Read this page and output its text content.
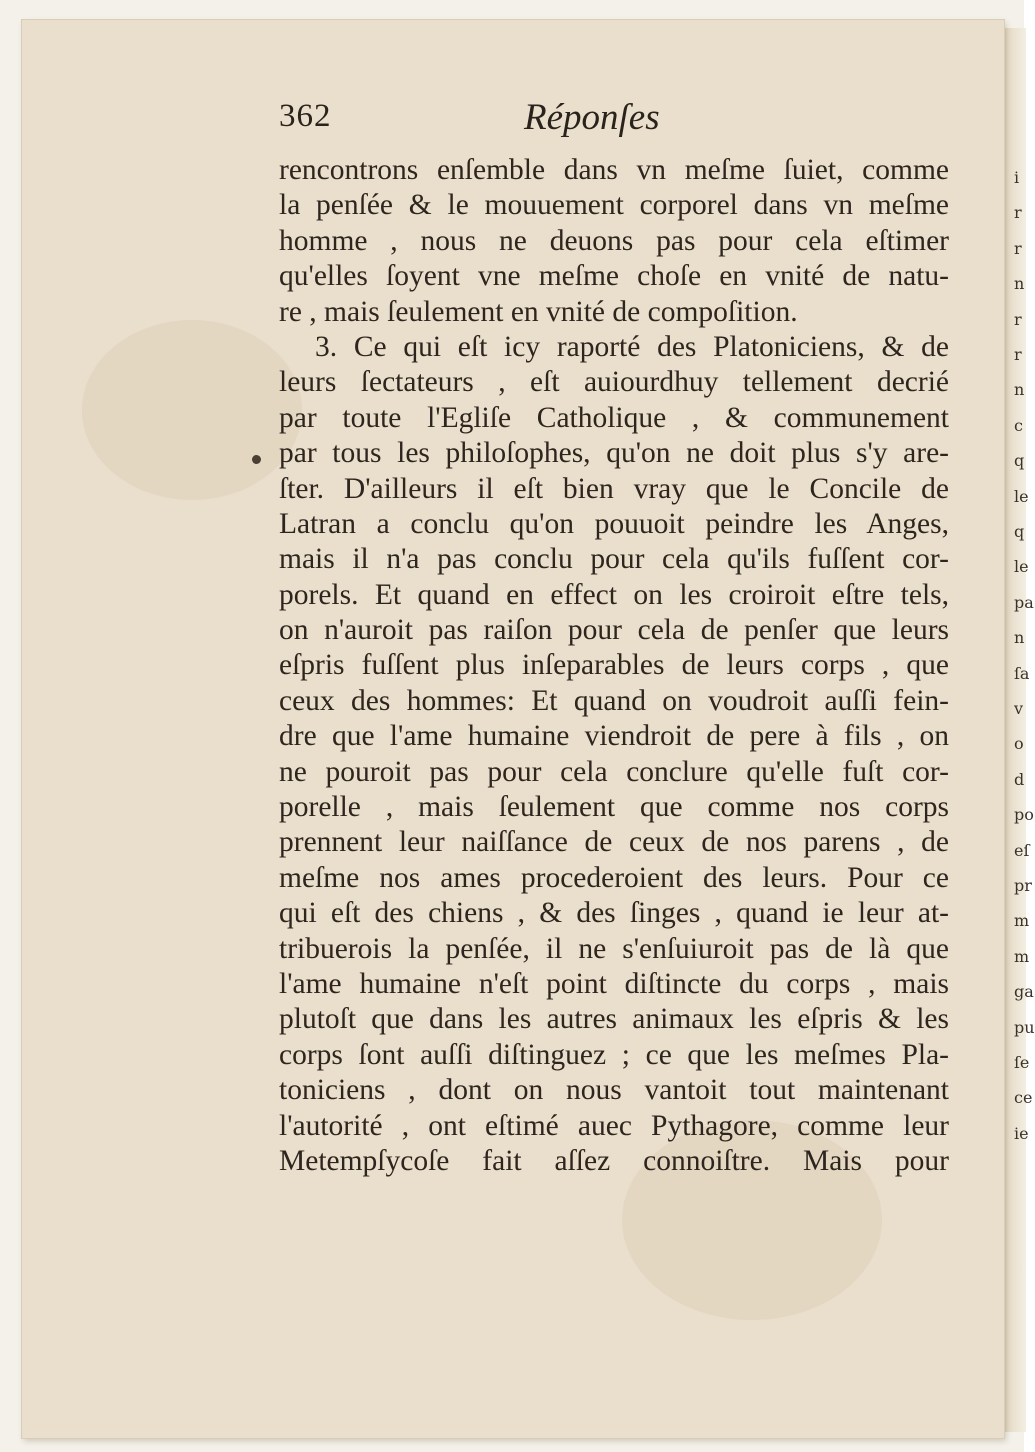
i
r
r
n
r
r
n
c
q
le
q
le
pa
n
ſa
v
o
d
po
eſ
pr
m
m
ga
pu
ſe
ce
ie
362	Réponſes
rencontrons enſemble dans vn meſme ſuiet, comme
la penſée & le mouuement corporel dans vn meſme
homme , nous ne deuons pas pour cela eſtimer
qu'elles ſoyent vne meſme choſe en vnité de natu-
re , mais ſeulement en vnité de compoſition.
3. Ce qui eſt icy raporté des Platoniciens, & de
leurs ſectateurs , eſt auiourdhuy tellement decrié
par toute l'Egliſe Catholique , & communement
par tous les philoſophes, qu'on ne doit plus s'y are-
ſter. D'ailleurs il eſt bien vray que le Concile de
Latran a conclu qu'on pouuoit peindre les Anges,
mais il n'a pas conclu pour cela qu'ils fuſſent cor-
porels. Et quand en effect on les croiroit eſtre tels,
on n'auroit pas raiſon pour cela de penſer que leurs
eſpris fuſſent plus inſeparables de leurs corps , que
ceux des hommes: Et quand on voudroit auſſi fein-
dre que l'ame humaine viendroit de pere à fils , on
ne pouroit pas pour cela conclure qu'elle fuſt cor-
porelle , mais ſeulement que comme nos corps
prennent leur naiſſance de ceux de nos parens , de
meſme nos ames procederoient des leurs. Pour ce
qui eſt des chiens , & des ſinges , quand ie leur at-
tribuerois la penſée, il ne s'enſuiuroit pas de là que
l'ame humaine n'eſt point diſtincte du corps , mais
plutoſt que dans les autres animaux les eſpris & les
corps ſont auſſi diſtinguez ; ce que les meſmes Pla-
toniciens , dont on nous vantoit tout maintenant
l'autorité , ont eſtimé auec Pythagore, comme leur
Metempſycoſe fait aſſez connoiſtre. Mais pour
